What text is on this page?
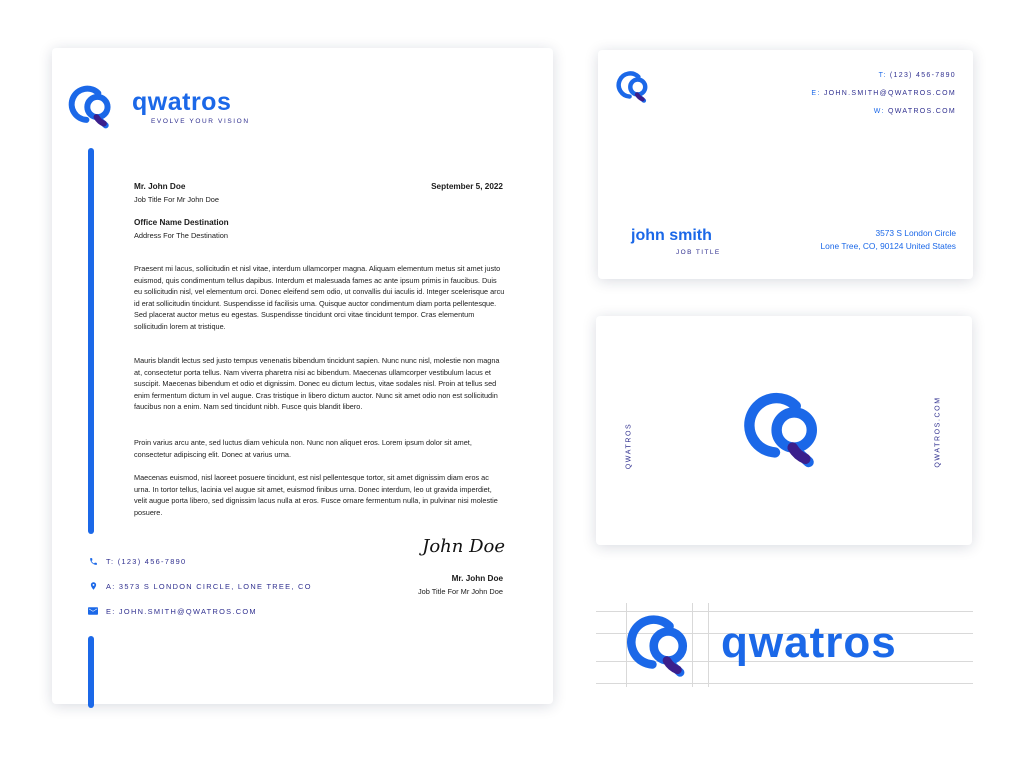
qwatros
EVOLVE YOUR VISION
Mr. John Doe
Job Title For Mr John Doe
September 5, 2022
Office Name Destination
Address For The Destination

Praesent mi lacus, sollicitudin et nisl vitae, interdum ullamcorper magna. Aliquam elementum metus sit amet justo euismod, quis condimentum tellus dapibus. Interdum et malesuada fames ac ante ipsum primis in faucibus. Duis eu sollicitudin nisl, vel elementum orci. Donec eleifend sem odio, ut convallis dui iaculis id. Integer scelerisque arcu id erat sollicitudin tincidunt. Suspendisse id facilisis urna. Quisque auctor condimentum diam porta pellentesque. Sed placerat auctor metus eu egestas. Suspendisse tincidunt orci vitae tincidunt tempor. Cras elementum sollicitudin lorem at tristique.

Mauris blandit lectus sed justo tempus venenatis bibendum tincidunt sapien. Nunc nunc nisl, molestie non magna at, consectetur porta tellus. Nam viverra pharetra nisi ac bibendum. Maecenas ullamcorper vestibulum lacus et suscipit. Maecenas bibendum et odio et dignissim. Donec eu dictum lectus, vitae sodales nisl. Proin at tellus sed enim fermentum dictum in vel augue. Cras tristique in libero dictum auctor. Nunc sit amet odio non est sollicitudin faucibus non a enim. Nam sed tincidunt nibh. Fusce quis blandit libero.

Proin varius arcu ante, sed luctus diam vehicula non. Nunc non aliquet eros. Lorem ipsum dolor sit amet, consectetur adipiscing elit. Donec at varius urna.

Maecenas euismod, nisl laoreet posuere tincidunt, est nisl pellentesque tortor, sit amet dignissim diam eros ac urna. In tortor tellus, lacinia vel augue sit amet, euismod finibus urna. Donec interdum, leo ut gravida imperdiet, velit augue porta libero, sed dignissim lacus nulla at eros. Fusce ornare fermentum nulla, in pulvinar nisi molestie posuere.

T: (123) 456-7890
A: 3573 S LONDON CIRCLE, LONE TREE, CO
E: JOHN.SMITH@QWATROS.COM
John Doe
Mr. John Doe
Job Title For Mr John Doe
T: (123) 456-7890
E: JOHN.SMITH@QWATROS.COM
W: QWATROS.COM
john smith
JOB TITLE
3573 S London Circle
Lone Tree, CO, 90124 United States
QWATROS	QWATROS.COM
qwatros
